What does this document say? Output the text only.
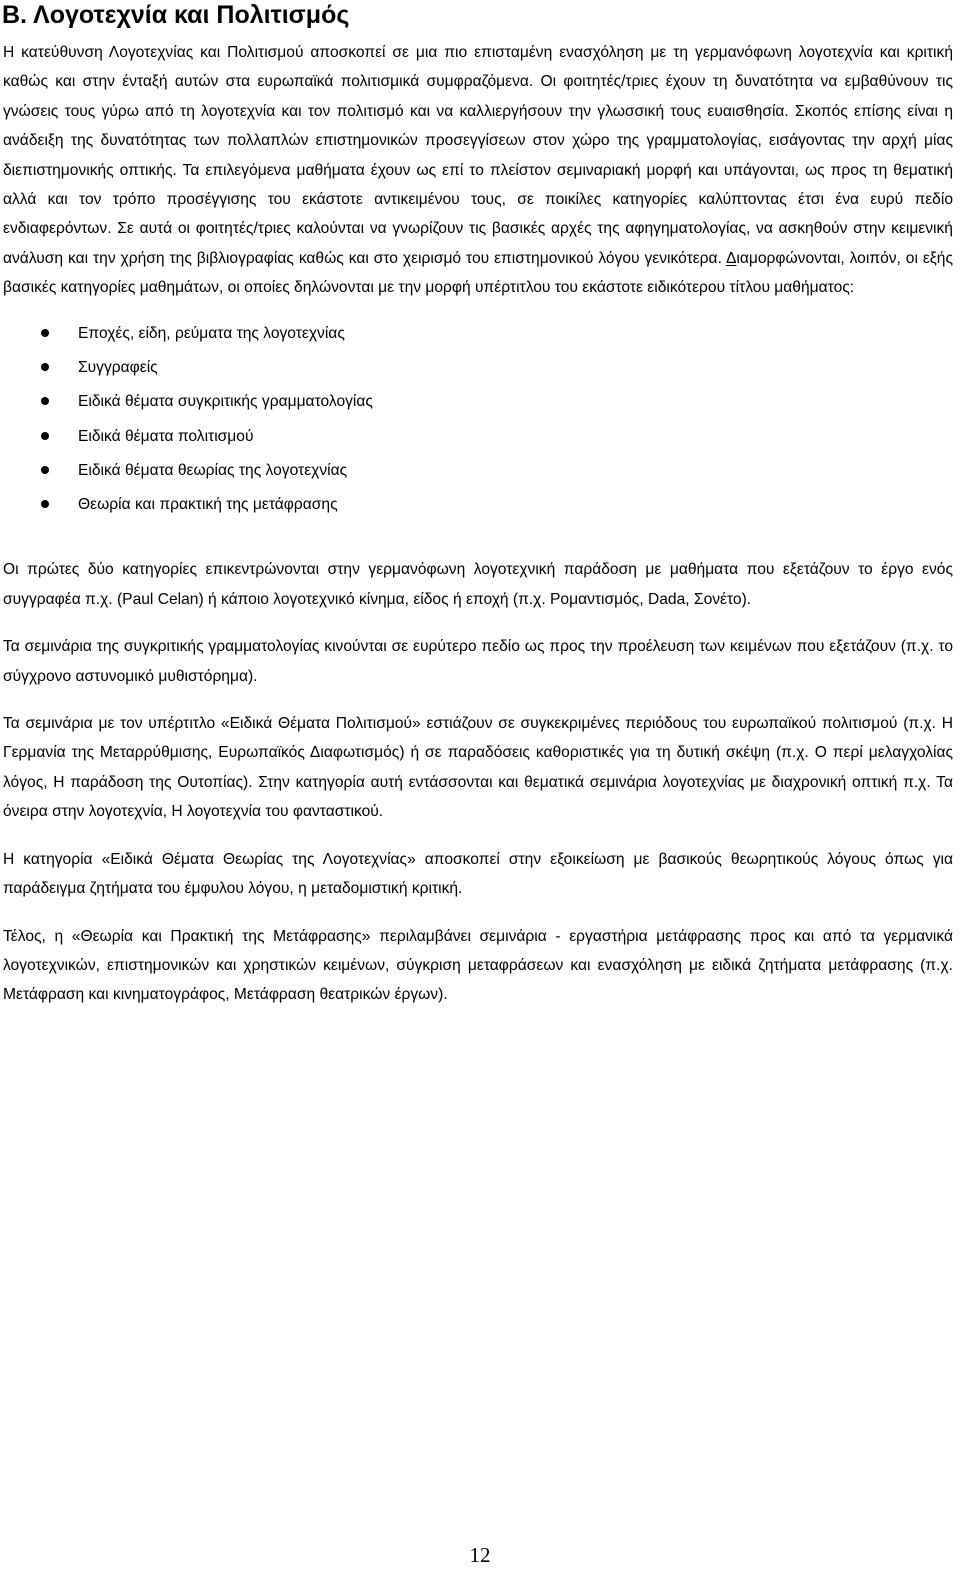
Β. Λογοτεχνία και Πολιτισμός

Η κατεύθυνση Λογοτεχνίας και Πολιτισμού αποσκοπεί σε μια πιο επισταμένη ενασχόληση με τη γερμανόφωνη λογοτεχνία και κριτική καθώς και στην ένταξή αυτών στα ευρωπαϊκά πολιτισμικά συμφραζόμενα. Οι φοιτητές/τριες έχουν τη δυνατότητα να εμβαθύνουν τις γνώσεις τους γύρω από τη λογοτεχνία και τον πολιτισμό και να καλλιεργήσουν την γλωσσική τους ευαισθησία. Σκοπός επίσης είναι η ανάδειξη της δυνατότητας των πολλαπλών επιστημονικών προσεγγίσεων στον χώρο της γραμματολογίας, εισάγοντας την αρχή μίας διεπιστημονικής οπτικής. Τα επιλεγόμενα μαθήματα έχουν ως επί το πλείστον σεμιναριακή μορφή και υπάγονται, ως προς τη θεματική αλλά και τον τρόπο προσέγγισης του εκάστοτε αντικειμένου τους, σε ποικίλες κατηγορίες καλύπτοντας έτσι ένα ευρύ πεδίο ενδιαφερόντων. Σε αυτά οι φοιτητές/τριες καλούνται να γνωρίζουν τις βασικές αρχές της αφηγηματολογίας, να ασκηθούν στην κειμενική ανάλυση και την χρήση της βιβλιογραφίας καθώς και στο χειρισμό του επιστημονικού λόγου γενικότερα. Διαμορφώνονται, λοιπόν, οι εξής βασικές κατηγορίες μαθημάτων, οι οποίες δηλώνονται με την μορφή υπέρτιτλου του εκάστοτε ειδικότερου τίτλου μαθήματος:

Εποχές, είδη, ρεύματα της λογοτεχνίας
Συγγραφείς
Ειδικά θέματα συγκριτικής γραμματολογίας
Ειδικά θέματα πολιτισμού
Ειδικά θέματα θεωρίας της λογοτεχνίας
Θεωρία και πρακτική της μετάφρασης

Οι πρώτες δύο κατηγορίες επικεντρώνονται στην γερμανόφωνη λογοτεχνική παράδοση με μαθήματα που εξετάζουν το έργο ενός συγγραφέα π.χ. (Paul Celan) ή κάποιο λογοτεχνικό κίνημα, είδος ή εποχή (π.χ. Ρομαντισμός, Dada, Σονέτο).

Τα σεμινάρια της συγκριτικής γραμματολογίας κινούνται σε ευρύτερο πεδίο ως προς την προέλευση των κειμένων που εξετάζουν (π.χ. το σύγχρονο αστυνομικό μυθιστόρημα).

Τα σεμινάρια με τον υπέρτιτλο «Ειδικά Θέματα Πολιτισμού» εστιάζουν σε συγκεκριμένες περιόδους του ευρωπαϊκού πολιτισμού (π.χ. Η Γερμανία της Μεταρρύθμισης, Ευρωπαϊκός Διαφωτισμός) ή σε παραδόσεις καθοριστικές για τη δυτική σκέψη (π.χ. Ο περί μελαγχολίας λόγος, Η παράδοση της Ουτοπίας). Στην κατηγορία αυτή εντάσσονται και θεματικά σεμινάρια λογοτεχνίας με διαχρονική οπτική π.χ. Τα όνειρα στην λογοτεχνία, Η λογοτεχνία του φανταστικού.

Η κατηγορία «Ειδικά Θέματα Θεωρίας της Λογοτεχνίας» αποσκοπεί στην εξοικείωση με βασικούς θεωρητικούς λόγους όπως για παράδειγμα ζητήματα του έμφυλου λόγου, η μεταδομιστική κριτική.

Τέλος, η «Θεωρία και Πρακτική της Μετάφρασης» περιλαμβάνει σεμινάρια - εργαστήρια μετάφρασης προς και από τα γερμανικά λογοτεχνικών, επιστημονικών και χρηστικών κειμένων, σύγκριση μεταφράσεων και ενασχόληση με ειδικά ζητήματα μετάφρασης (π.χ. Μετάφραση και κινηματογράφος, Μετάφραση θεατρικών έργων).

12
